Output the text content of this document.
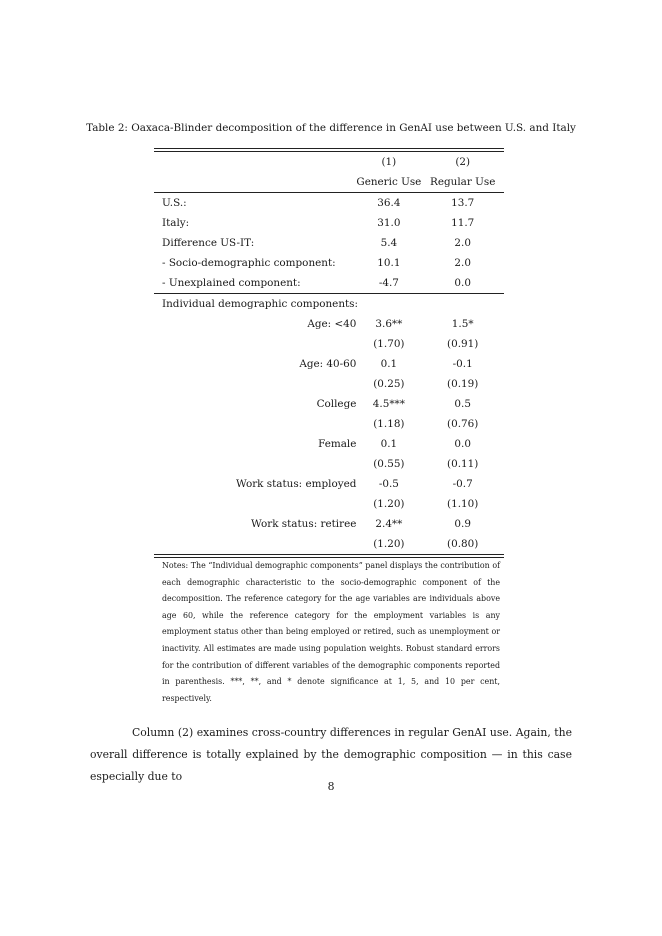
Table 2: Oaxaca-Blinder decomposition of the difference in GenAI use between U.S. and Italy
	(1)	(2)
	Generic Use	Regular Use
U.S.:	36.4	13.7
Italy:	31.0	11.7
Difference US-IT:	5.4	2.0
- Socio-demographic component:	10.1	2.0
- Unexplained component:	-4.7	0.0
Individual demographic components:		
Age: <40	3.6**	1.5*
	(1.70)	(0.91)
Age: 40-60	0.1	-0.1
	(0.25)	(0.19)
College	4.5***	0.5
	(1.18)	(0.76)
Female	0.1	0.0
	(0.55)	(0.11)
Work status: employed	-0.5	-0.7
	(1.20)	(1.10)
Work status: retiree	2.4**	0.9
	(1.20)	(0.80)
Notes: The “Individual demographic components” panel displays the contribution of each demographic characteristic to the socio-demographic component of the decomposition. The reference category for the age variables are individuals above age 60, while the reference category for the employment variables is any employment status other than being employed or retired, such as unemployment or inactivity. All estimates are made using population weights. Robust standard errors for the contribution of different variables of the demographic components reported in parenthesis. ***, **, and * denote significance at 1, 5, and 10 per cent, respectively.
Column (2) examines cross-country differences in regular GenAI use. Again, the overall difference is totally explained by the demographic composition — in this case especially due to
8
